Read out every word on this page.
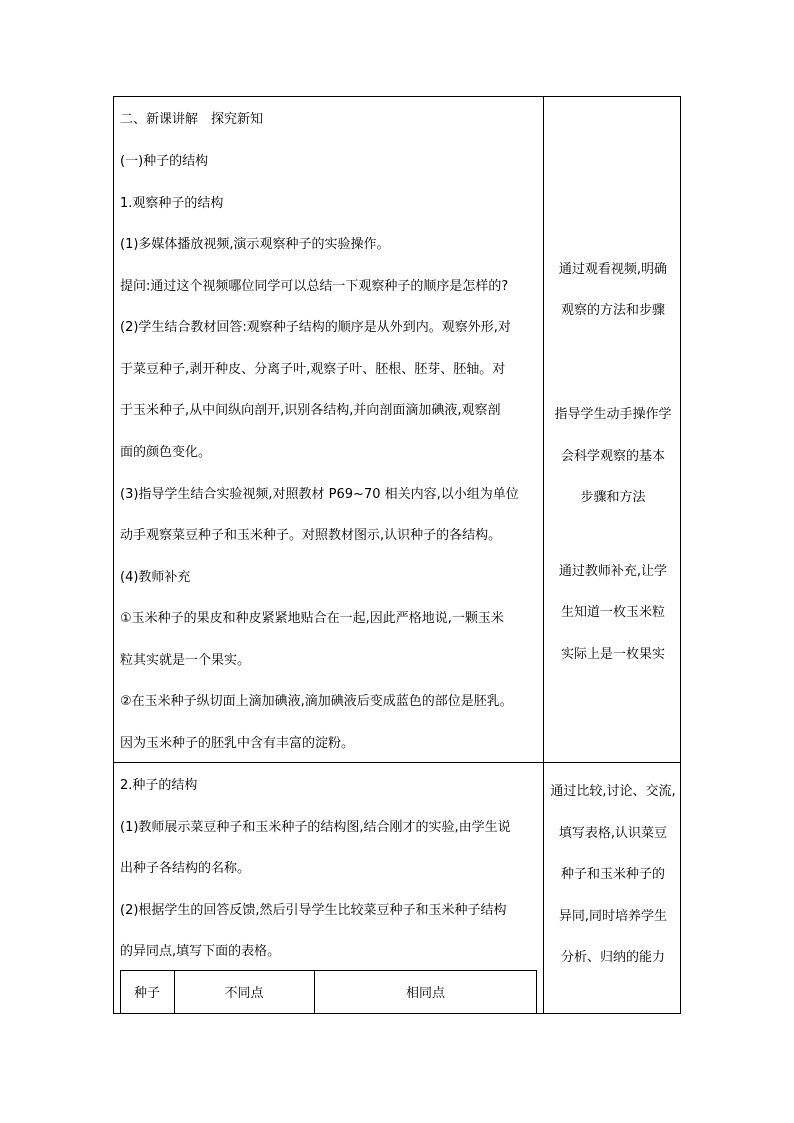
二、新课讲解　探究新知
(一)种子的结构
1.观察种子的结构
(1)多媒体播放视频,演示观察种子的实验操作。
提问:通过这个视频哪位同学可以总结一下观察种子的顺序是怎样的?
(2)学生结合教材回答:观察种子结构的顺序是从外到内。观察外形,对
于菜豆种子,剥开种皮、分离子叶,观察子叶、胚根、胚芽、胚轴。对
于玉米种子,从中间纵向剖开,识别各结构,并向剖面滴加碘液,观察剖
面的颜色变化。
(3)指导学生结合实验视频,对照教材 P69~70 相关内容,以小组为单位
动手观察菜豆种子和玉米种子。对照教材图示,认识种子的各结构。
(4)教师补充
①玉米种子的果皮和种皮紧紧地贴合在一起,因此严格地说,一颗玉米
粒其实就是一个果实。
②在玉米种子纵切面上滴加碘液,滴加碘液后变成蓝色的部位是胚乳。
因为玉米种子的胚乳中含有丰富的淀粉。
通过观看视频,明确
观察的方法和步骤
指导学生动手操作学
会科学观察的基本
步骤和方法
通过教师补充,让学
生知道一枚玉米粒
实际上是一枚果实
2.种子的结构
(1)教师展示菜豆种子和玉米种子的结构图,结合刚才的实验,由学生说
出种子各结构的名称。
(2)根据学生的回答反馈,然后引导学生比较菜豆种子和玉米种子结构
的异同点,填写下面的表格。
通过比较,讨论、交流,
填写表格,认识菜豆
种子和玉米种子的
异同,同时培养学生
分析、归纳的能力
种子	不同点	相同点
